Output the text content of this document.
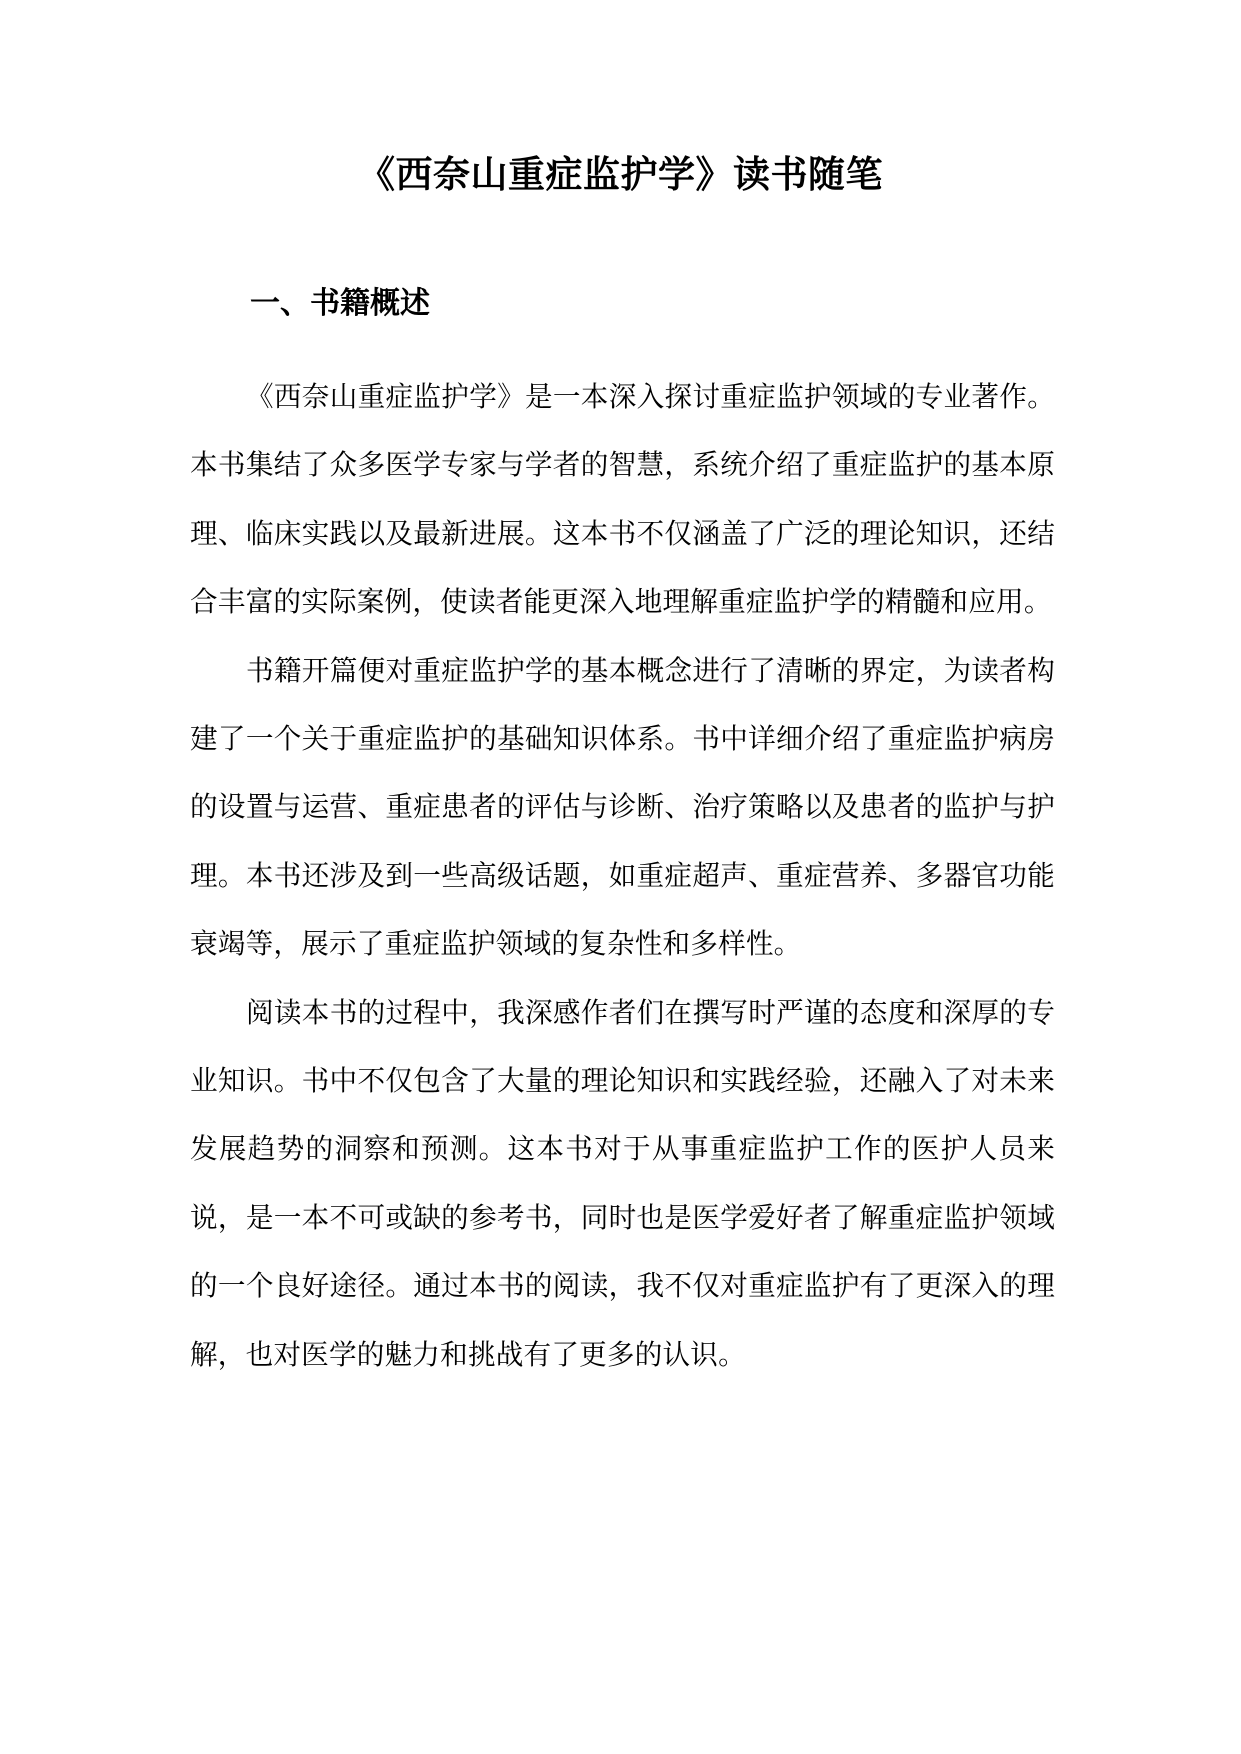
《西奈山重症监护学》读书随笔
一、书籍概述

《西奈山重症监护学》是一本深入探讨重症监护领域的专业著作。本书集结了众多医学专家与学者的智慧，系统介绍了重症监护的基本原理、临床实践以及最新进展。这本书不仅涵盖了广泛的理论知识，还结合丰富的实际案例，使读者能更深入地理解重症监护学的精髓和应用。

书籍开篇便对重症监护学的基本概念进行了清晰的界定，为读者构建了一个关于重症监护的基础知识体系。书中详细介绍了重症监护病房的设置与运营、重症患者的评估与诊断、治疗策略以及患者的监护与护理。本书还涉及到一些高级话题，如重症超声、重症营养、多器官功能衰竭等，展示了重症监护领域的复杂性和多样性。

阅读本书的过程中，我深感作者们在撰写时严谨的态度和深厚的专业知识。书中不仅包含了大量的理论知识和实践经验，还融入了对未来发展趋势的洞察和预测。这本书对于从事重症监护工作的医护人员来说，是一本不可或缺的参考书，同时也是医学爱好者了解重症监护领域的一个良好途径。通过本书的阅读，我不仅对重症监护有了更深入的理解，也对医学的魅力和挑战有了更多的认识。
